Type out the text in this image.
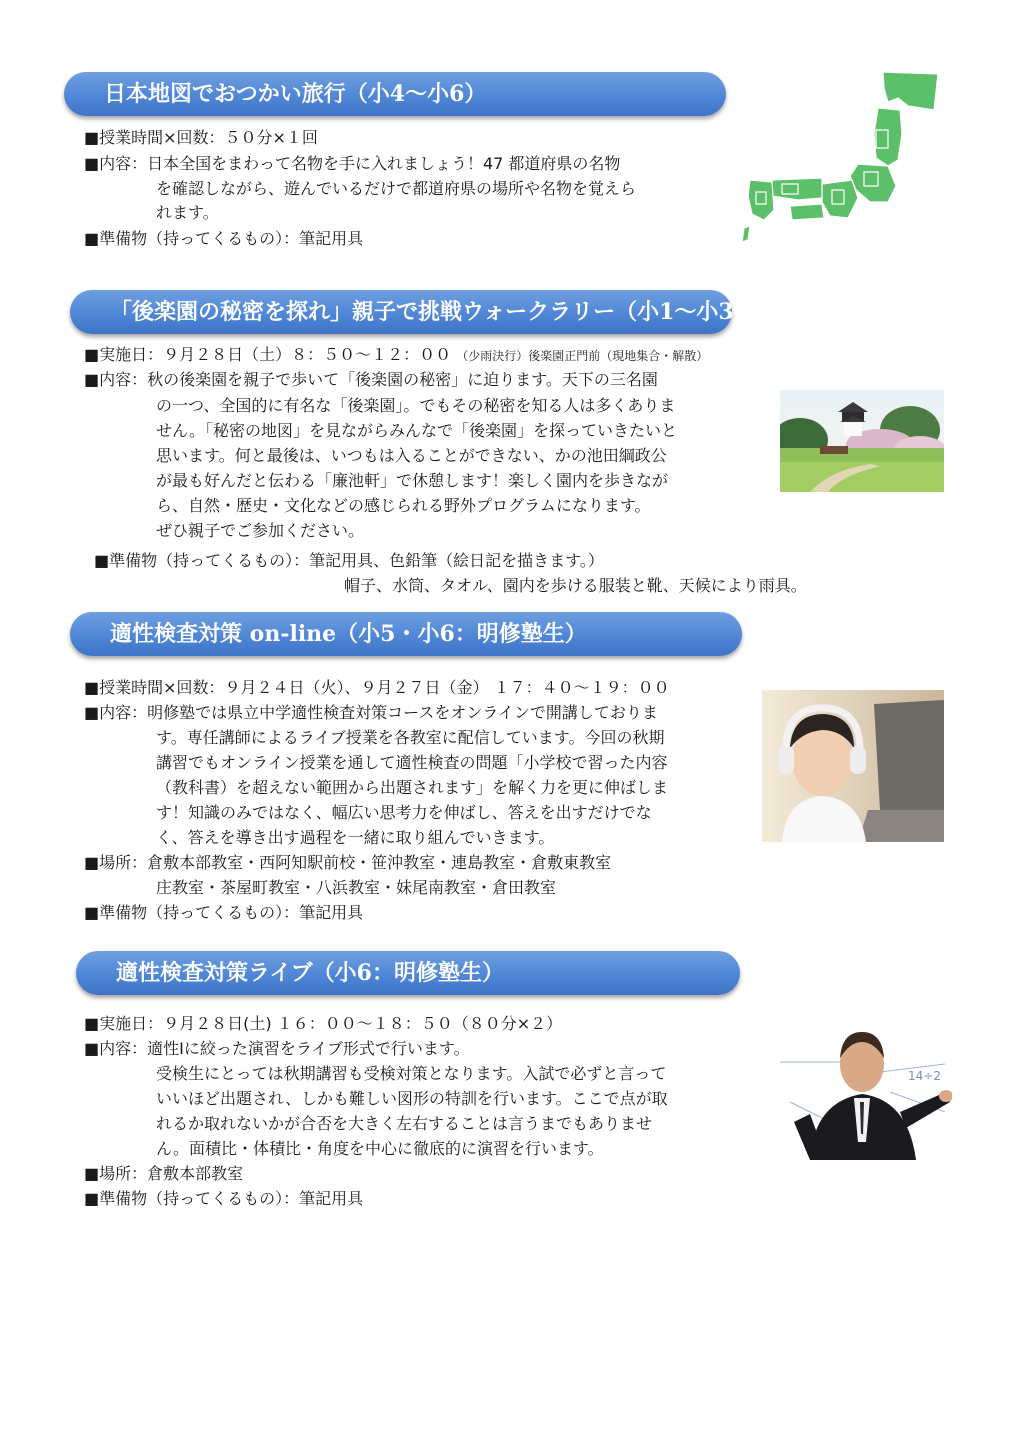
日本地図でおつかい旅行（小4～小6）
■授業時間×回数：５０分×１回
■内容：日本全国をまわって名物を手に入れましょう！47 都道府県の名物
を確認しながら、遊んでいるだけで都道府県の場所や名物を覚えら
れます。
■準備物（持ってくるもの）：筆記用具
「後楽園の秘密を探れ」親子で挑戦ウォークラリー（小1～小3）
■実施日：９月２８日（土）８：５０～１２：００ （少雨決行）後楽園正門前（現地集合・解散）
■内容：秋の後楽園を親子で歩いて「後楽園の秘密」に迫ります。天下の三名園
の一つ、全国的に有名な「後楽園」。でもその秘密を知る人は多くありま
せん。「秘密の地図」を見ながらみんなで「後楽園」を探っていきたいと
思います。何と最後は、いつもは入ることができない、かの池田綱政公
が最も好んだと伝わる「廉池軒」で休憩します！楽しく園内を歩きなが
ら、自然・歴史・文化などの感じられる野外プログラムになります。
ぜひ親子でご参加ください。
■準備物（持ってくるもの）：筆記用具、色鉛筆（絵日記を描きます。）
帽子、水筒、タオル、園内を歩ける服装と靴、天候により雨具。
適性検査対策 on-line（小5・小6：明修塾生）
■授業時間×回数：９月２４日（火）、９月２７日（金） １７：４０～１９：００
■内容：明修塾では県立中学適性検査対策コースをオンラインで開講しておりま
す。専任講師によるライブ授業を各教室に配信しています。今回の秋期
講習でもオンライン授業を通して適性検査の問題「小学校で習った内容
（教科書）を超えない範囲から出題されます」を解く力を更に伸ばしま
す！知識のみではなく、幅広い思考力を伸ばし、答えを出すだけでな
く、答えを導き出す過程を一緒に取り組んでいきます。
■場所：倉敷本部教室・西阿知駅前校・笹沖教室・連島教室・倉敷東教室
庄教室・茶屋町教室・八浜教室・妹尾南教室・倉田教室
■準備物（持ってくるもの）：筆記用具
適性検査対策ライブ（小6：明修塾生）
■実施日：９月２８日(土) １６：００～１８：５０（８０分×２）
■内容：適性Ⅰに絞った演習をライブ形式で行います。
受検生にとっては秋期講習も受検対策となります。入試で必ずと言って
いいほど出題され、しかも難しい図形の特訓を行います。ここで点が取
れるか取れないかが合否を大きく左右することは言うまでもありませ
ん。面積比・体積比・角度を中心に徹底的に演習を行います。
■場所：倉敷本部教室
■準備物（持ってくるもの）：筆記用具
14÷2
